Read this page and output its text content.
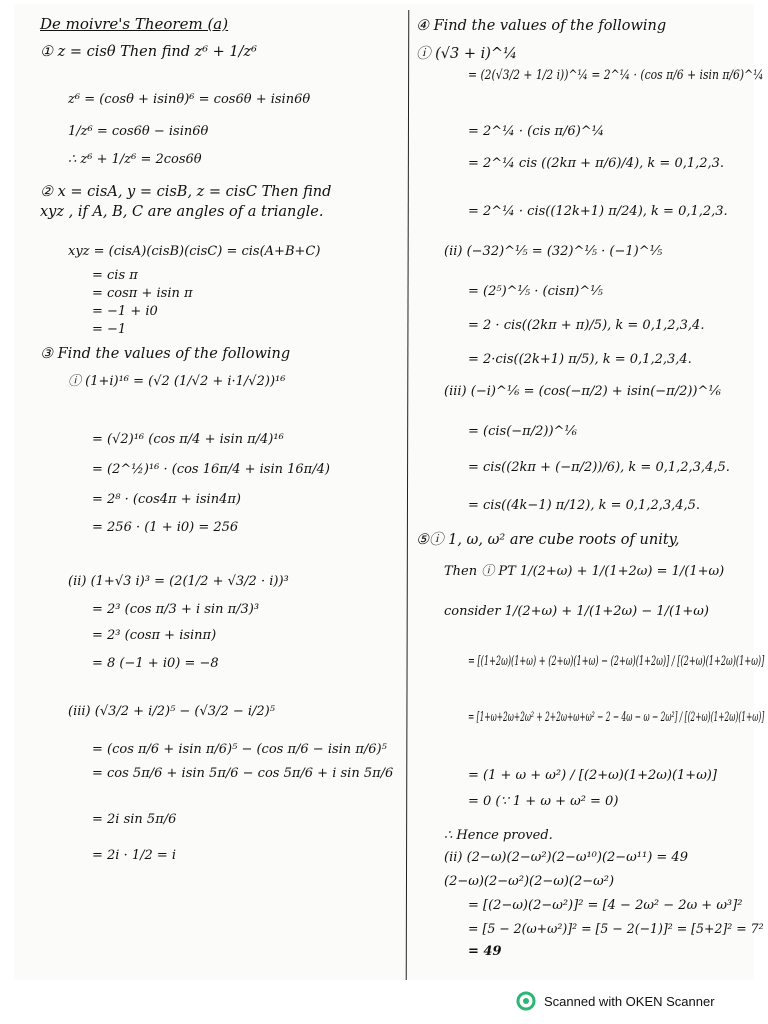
De moivre's Theorem (a)
① z = cisθ Then find z⁶ + 1/z⁶
z⁶ = (cosθ + isinθ)⁶ = cos6θ + isin6θ
1/z⁶ = cos6θ − isin6θ
∴ z⁶ + 1/z⁶ = 2cos6θ
② x = cisA, y = cisB, z = cisC Then find
xyz , if A, B, C are angles of a triangle.
xyz = (cisA)(cisB)(cisC) = cis(A+B+C)
= cis π
= cosπ + isin π
= −1 + i0
= −1
③ Find the values of the following
ⓘ (1+i)¹⁶ = (√2 (1/√2 + i·1/√2))¹⁶
= (√2)¹⁶ (cos π/4 + isin π/4)¹⁶
= (2^½)¹⁶ · (cos 16π/4 + isin 16π/4)
= 2⁸ · (cos4π + isin4π)
= 256 · (1 + i0) = 256
(ii) (1+√3 i)³ = (2(1/2 + √3/2 · i))³
= 2³ (cos π/3 + i sin π/3)³
= 2³ (cosπ + isinπ)
= 8 (−1 + i0) = −8
(iii) (√3/2 + i/2)⁵ − (√3/2 − i/2)⁵
= (cos π/6 + isin π/6)⁵ − (cos π/6 − isin π/6)⁵
= cos 5π/6 + isin 5π/6 − cos 5π/6 + i sin 5π/6
= 2i sin 5π/6
= 2i · 1/2 = i
④ Find the values of the following
ⓘ (√3 + i)^¼
= (2(√3/2 + 1/2 i))^¼ = 2^¼ · (cos π/6 + isin π/6)^¼
= 2^¼ · (cis π/6)^¼
= 2^¼ cis ((2kπ + π/6)/4), k = 0,1,2,3.
= 2^¼ · cis((12k+1) π/24), k = 0,1,2,3.
(ii) (−32)^⅕ = (32)^⅕ · (−1)^⅕
= (2⁵)^⅕ · (cisπ)^⅕
= 2 · cis((2kπ + π)/5), k = 0,1,2,3,4.
= 2·cis((2k+1) π/5), k = 0,1,2,3,4.
(iii) (−i)^⅙ = (cos(−π/2) + isin(−π/2))^⅙
= (cis(−π/2))^⅙
= cis((2kπ + (−π/2))/6), k = 0,1,2,3,4,5.
= cis((4k−1) π/12), k = 0,1,2,3,4,5.
⑤ⓘ 1, ω, ω² are cube roots of unity,
Then ⓘ PT 1/(2+ω) + 1/(1+2ω) = 1/(1+ω)
consider 1/(2+ω) + 1/(1+2ω) − 1/(1+ω)
= [(1+2ω)(1+ω) + (2+ω)(1+ω) − (2+ω)(1+2ω)] / [(2+ω)(1+2ω)(1+ω)]
= [1+ω+2ω+2ω² + 2+2ω+ω+ω² − 2 − 4ω − ω − 2ω²] / [(2+ω)(1+2ω)(1+ω)]
= (1 + ω + ω²) / [(2+ω)(1+2ω)(1+ω)]
= 0 (∵ 1 + ω + ω² = 0)
∴ Hence proved.
(ii) (2−ω)(2−ω²)(2−ω¹⁰)(2−ω¹¹) = 49
(2−ω)(2−ω²)(2−ω)(2−ω²)
= [(2−ω)(2−ω²)]² = [4 − 2ω² − 2ω + ω³]²
= [5 − 2(ω+ω²)]² = [5 − 2(−1)]² = [5+2]² = 7²
= 49
Scanned with OKEN Scanner
